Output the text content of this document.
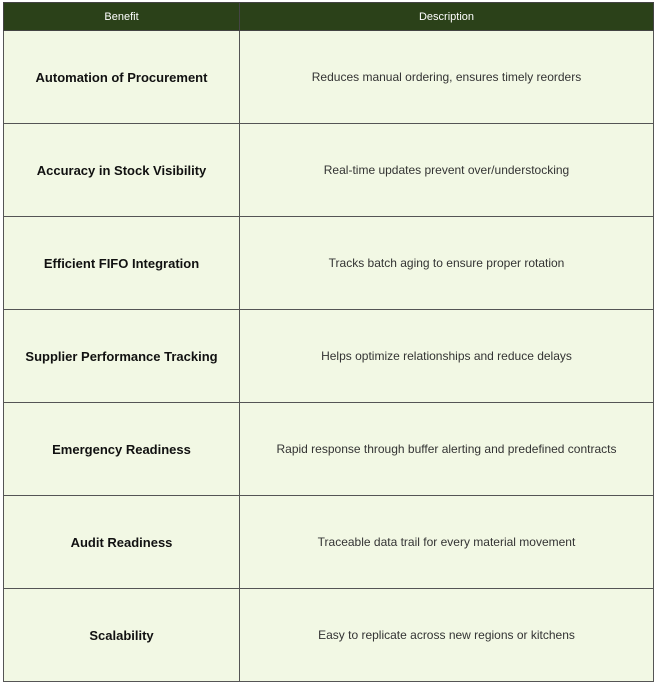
Benefit	Description
Automation of Procurement	Reduces manual ordering, ensures timely reorders
Accuracy in Stock Visibility	Real-time updates prevent over/understocking
Efficient FIFO Integration	Tracks batch aging to ensure proper rotation
Supplier Performance Tracking	Helps optimize relationships and reduce delays
Emergency Readiness	Rapid response through buffer alerting and predefined contracts
Audit Readiness	Traceable data trail for every material movement
Scalability	Easy to replicate across new regions or kitchens
